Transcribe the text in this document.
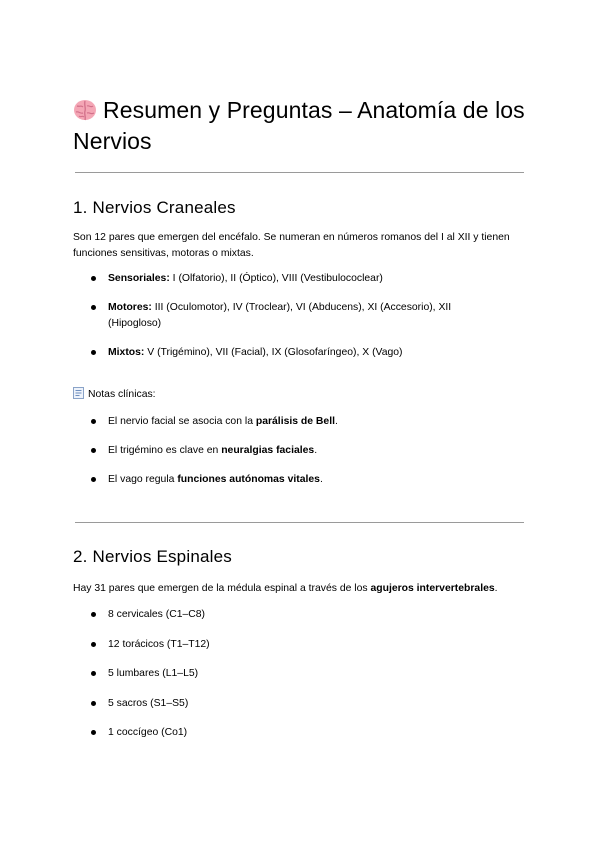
Resumen y Preguntas – Anatomía de los Nervios
1. Nervios Craneales

Son 12 pares que emergen del encéfalo. Se numeran en números romanos del I al XII y tienen funciones sensitivas, motoras o mixtas.

Sensoriales: I (Olfatorio), II (Óptico), VIII (Vestibulococlear)
Motores: III (Oculomotor), IV (Troclear), VI (Abducens), XI (Accesorio), XII (Hipogloso)
Mixtos: V (Trigémino), VII (Facial), IX (Glosofaríngeo), X (Vago)
Notas clínicas:
El nervio facial se asocia con la parálisis de Bell.
El trigémino es clave en neuralgias faciales.
El vago regula funciones autónomas vitales.
2. Nervios Espinales

Hay 31 pares que emergen de la médula espinal a través de los agujeros intervertebrales.

8 cervicales (C1–C8)
12 torácicos (T1–T12)
5 lumbares (L1–L5)
5 sacros (S1–S5)
1 coccígeo (Co1)
